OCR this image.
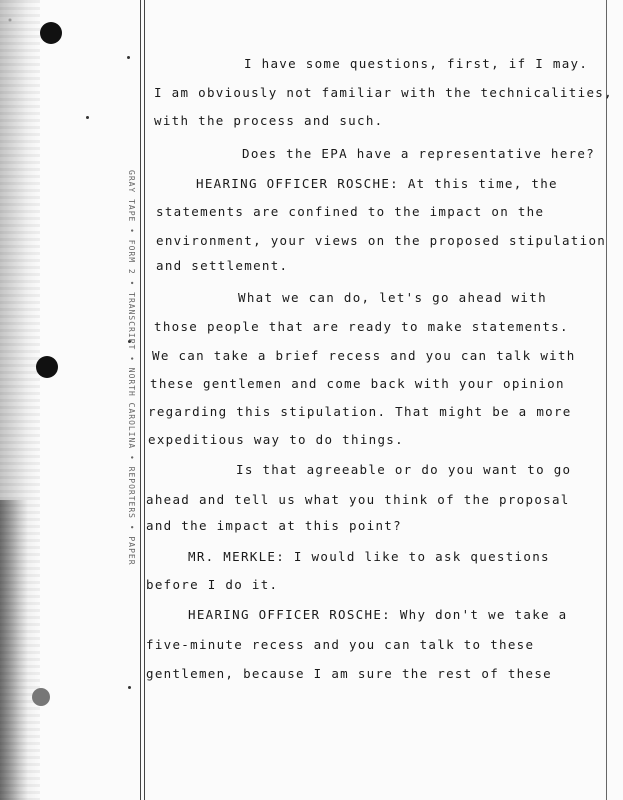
GRAY TAPE • FORM 2 • TRANSCRIPT • NORTH CAROLINA • REPORTERS • PAPER
I have some questions, first, if I may.
I am obviously not familiar with the technicalities,
with the process and such.
Does the EPA have a representative here?
HEARING OFFICER ROSCHE: At this time, the
statements are confined to the impact on the
environment, your views on the proposed stipulation
and settlement.
What we can do, let's go ahead with
those people that are ready to make statements.
We can take a brief recess and you can talk with
these gentlemen and come back with your opinion
regarding this stipulation. That might be a more
expeditious way to do things.
Is that agreeable or do you want to go
ahead and tell us what you think of the proposal
and the impact at this point?
MR. MERKLE: I would like to ask questions
before I do it.
HEARING OFFICER ROSCHE: Why don't we take a
five-minute recess and you can talk to these
gentlemen, because I am sure the rest of these
